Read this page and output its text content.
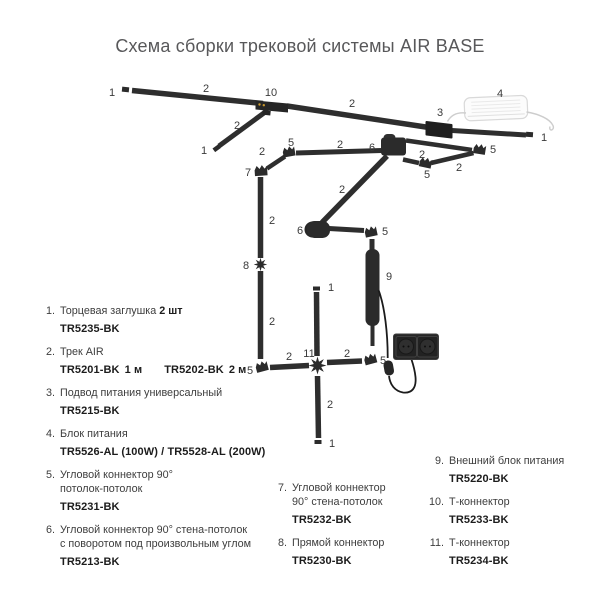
Схема сборки трековой системы AIR BASE
1	2	10
2
1
2
3
4
1
5
2
7
2
8
2
5
2 6
2	5
2
5
2
6	5
9
5
2 11	2
1
2
1
1. Торцевая заглушка 2 шт
TR5235-BK
2. Трек AIR
TR5201-BK 1 м TR5202-BK 2 м
3. Подвод питания универсальный
TR5215-BK
4. Блок питания
TR5526-AL (100W) / TR5528-AL (200W)
5. Угловой коннектор 90°
потолок-потолок
TR5231-BK
6. Угловой коннектор 90° стена-потолок
с поворотом под произвольным углом
TR5213-BK
7. Угловой коннектор
90° стена-потолок
TR5232-BK
8. Прямой коннектор
TR5230-BK
9. Внешний блок питания
TR5220-BK
10. Т-коннектор
TR5233-BK
11. Т-коннектор
TR5234-BK
